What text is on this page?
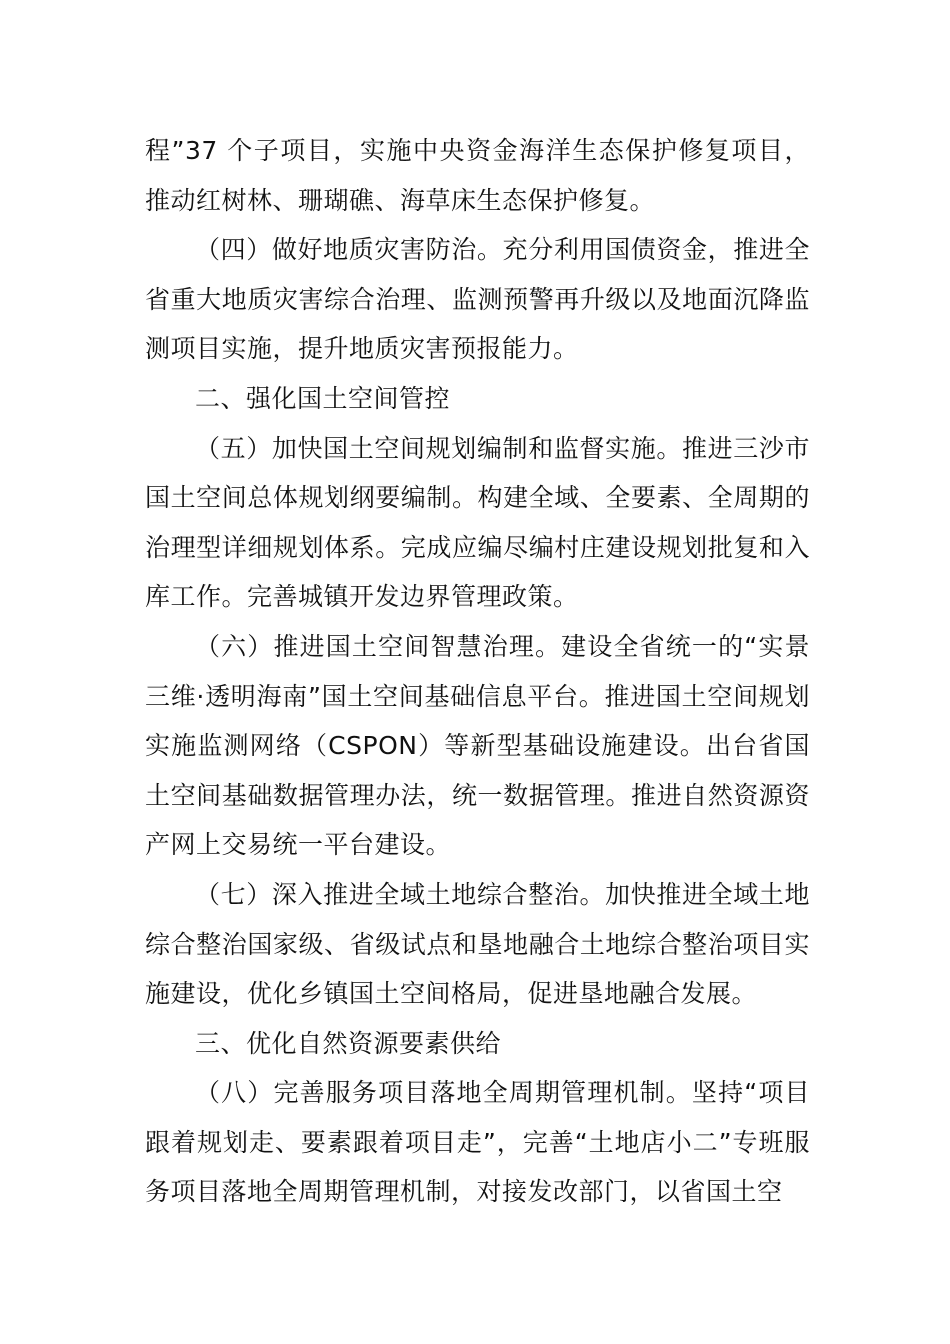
程”37 个子项目，实施中央资金海洋生态保护修复项目，推动红树林、珊瑚礁、海草床生态保护修复。

（四）做好地质灾害防治。充分利用国债资金，推进全省重大地质灾害综合治理、监测预警再升级以及地面沉降监测项目实施，提升地质灾害预报能力。

二、强化国土空间管控

（五）加快国土空间规划编制和监督实施。推进三沙市国土空间总体规划纲要编制。构建全域、全要素、全周期的治理型详细规划体系。完成应编尽编村庄建设规划批复和入库工作。完善城镇开发边界管理政策。

（六）推进国土空间智慧治理。建设全省统一的“实景三维·透明海南”国土空间基础信息平台。推进国土空间规划实施监测网络（CSPON）等新型基础设施建设。出台省国土空间基础数据管理办法，统一数据管理。推进自然资源资产网上交易统一平台建设。

（七）深入推进全域土地综合整治。加快推进全域土地综合整治国家级、省级试点和垦地融合土地综合整治项目实施建设，优化乡镇国土空间格局，促进垦地融合发展。

三、优化自然资源要素供给

（八）完善服务项目落地全周期管理机制。坚持“项目跟着规划走、要素跟着项目走”，完善“土地店小二”专班服务项目落地全周期管理机制，对接发改部门，以省国土空
